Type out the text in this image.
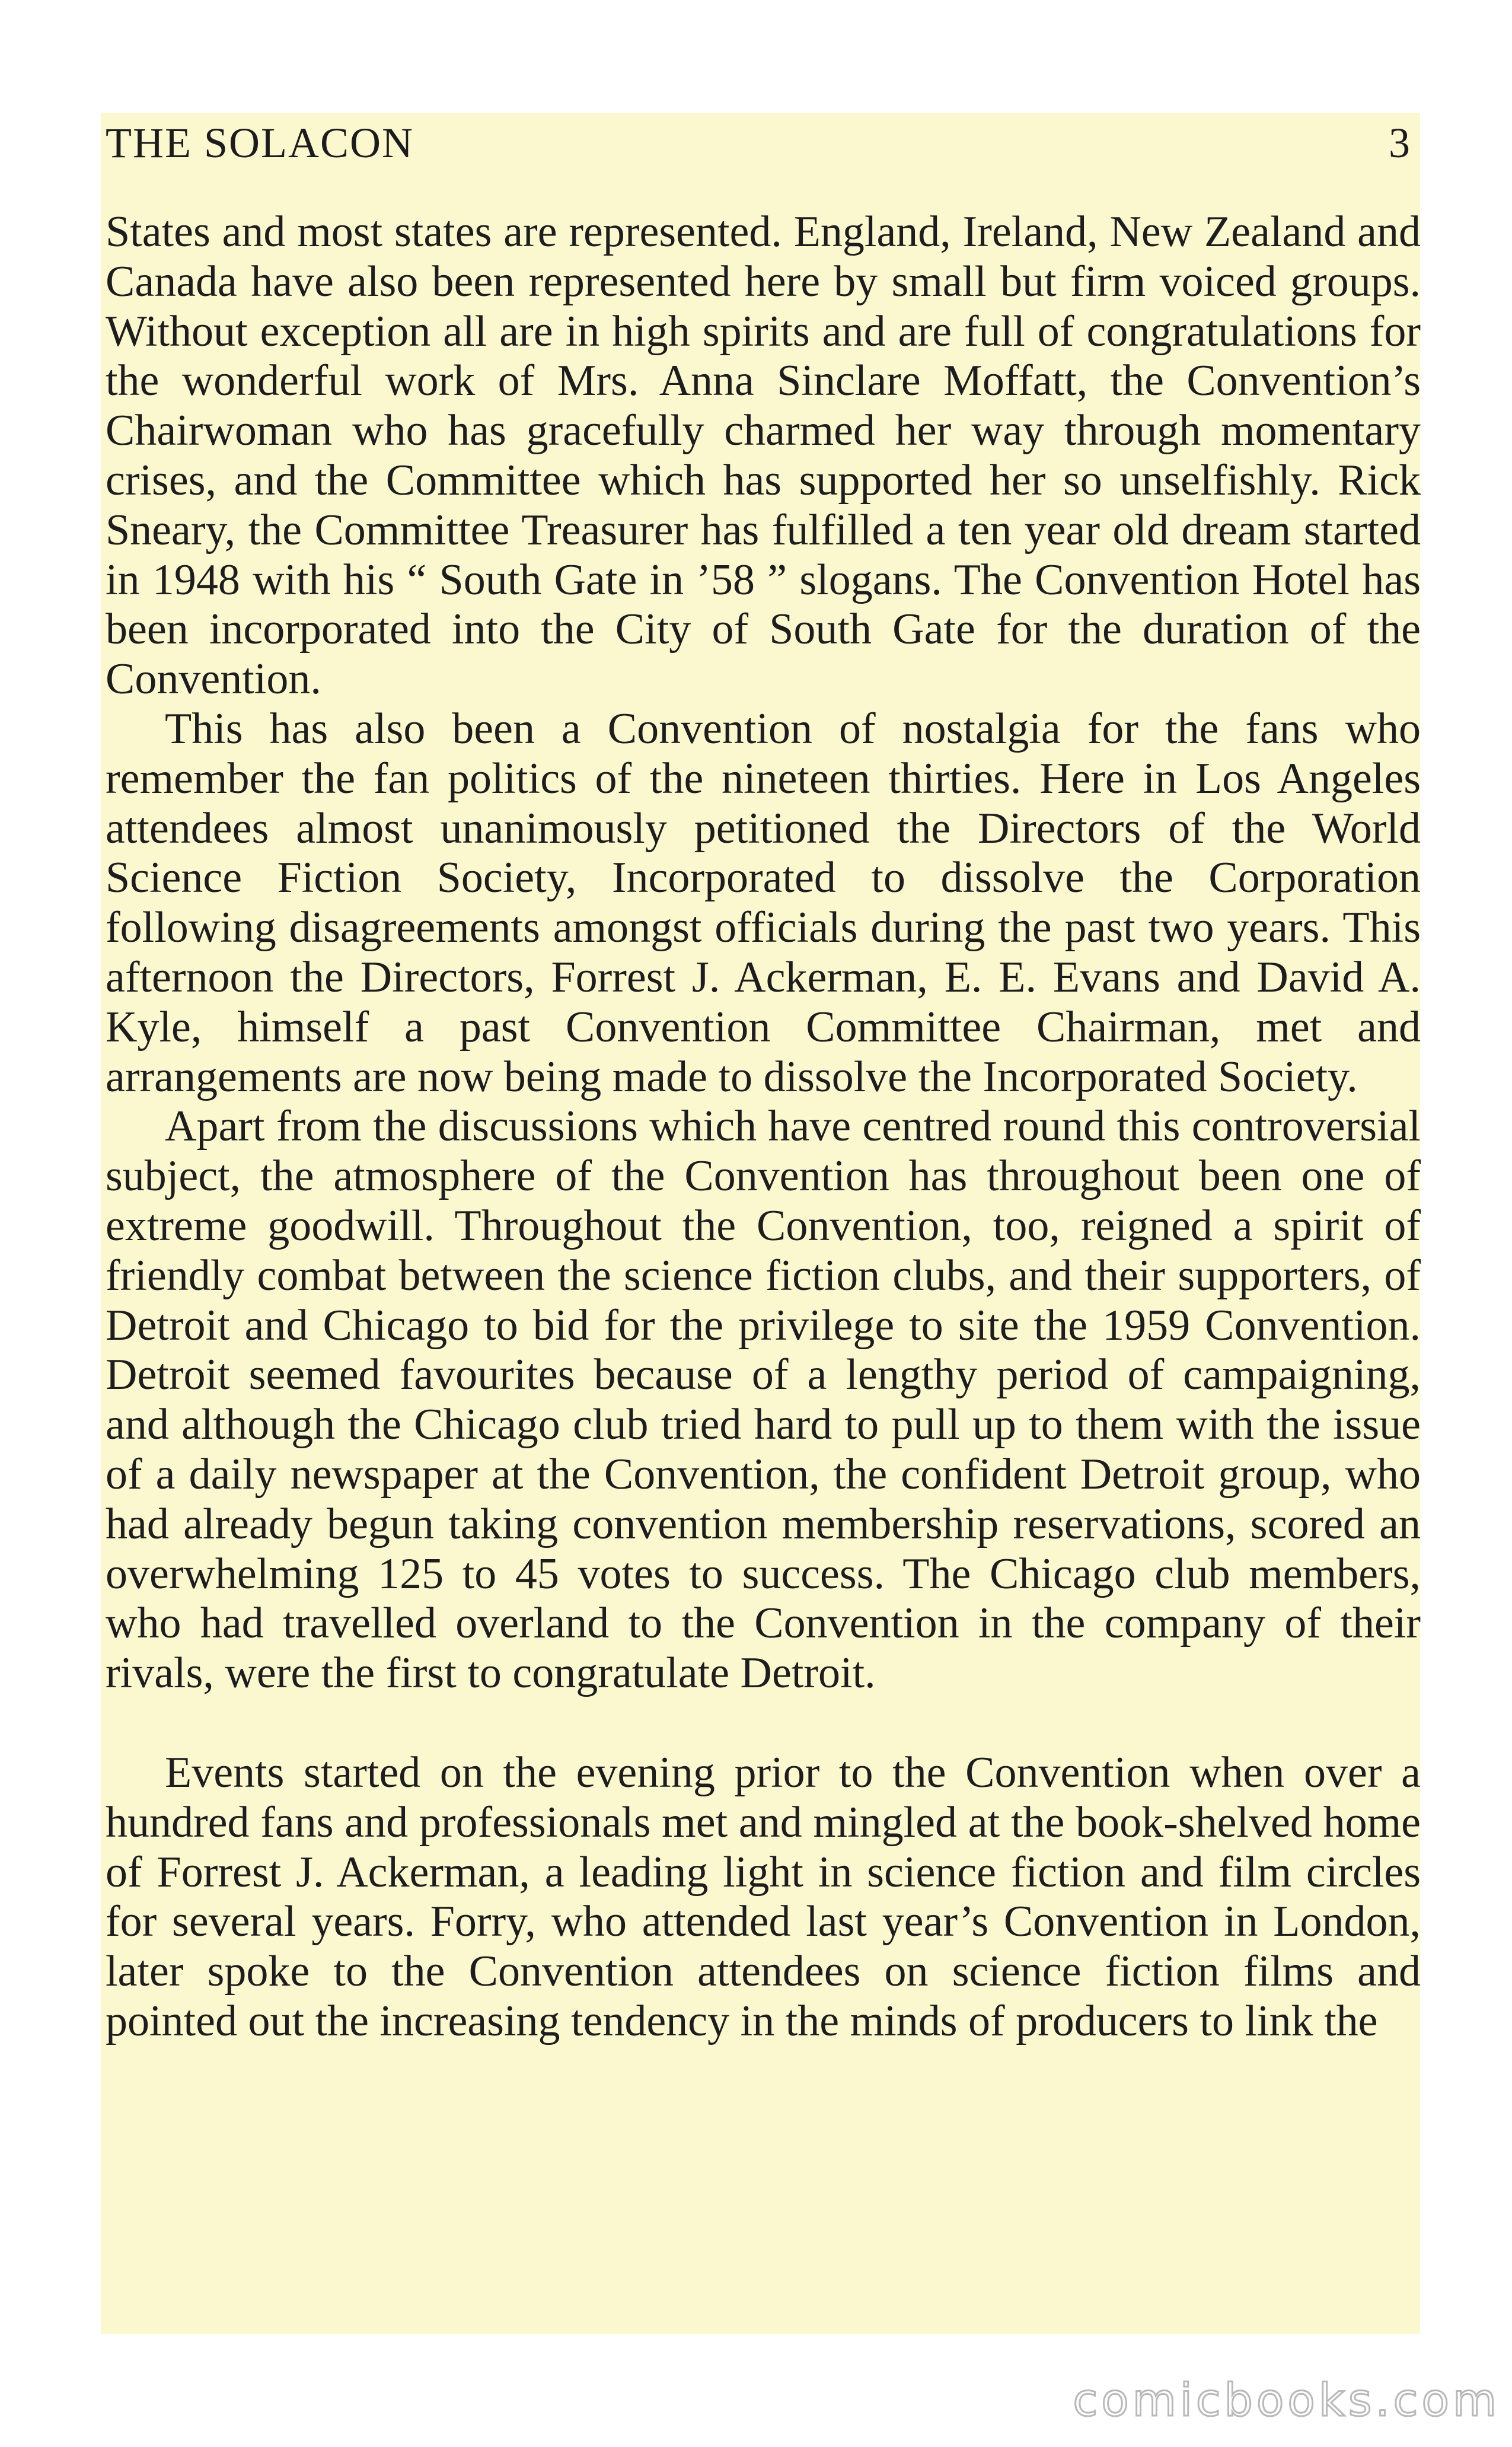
THE SOLACON	3

States and most states are represented. England, Ireland, New Zealand and Canada have also been represented here by small but firm voiced groups. Without exception all are in high spirits and are full of congratulations for the wonderful work of Mrs. Anna Sinclare Moffatt, the Convention’s Chairwoman who has gracefully charmed her way through momentary crises, and the Committee which has supported her so unselfishly. Rick Sneary, the Committee Treasurer has fulfilled a ten year old dream started in 1948 with his “ South Gate in ’58 ” slogans. The Convention Hotel has been incorporated into the City of South Gate for the duration of the Convention.

This has also been a Convention of nostalgia for the fans who remember the fan politics of the nineteen thirties. Here in Los Angeles attendees almost unanimously petitioned the Directors of the World Science Fiction Society, Incorporated to dissolve the Corporation following disagreements amongst officials during the past two years. This afternoon the Directors, Forrest J. Ackerman, E. E. Evans and David A. Kyle, himself a past Convention Committee Chairman, met and arrangements are now being made to dissolve the Incorporated Society.

Apart from the discussions which have centred round this controversial subject, the atmosphere of the Convention has throughout been one of extreme goodwill. Throughout the Convention, too, reigned a spirit of friendly combat between the science fiction clubs, and their supporters, of Detroit and Chicago to bid for the privilege to site the 1959 Convention. Detroit seemed favourites because of a lengthy period of campaigning, and although the Chicago club tried hard to pull up to them with the issue of a daily newspaper at the Convention, the confident Detroit group, who had already begun taking convention membership reservations, scored an overwhelming 125 to 45 votes to success. The Chicago club members, who had travelled overland to the Convention in the company of their rivals, were the first to congratulate Detroit.

Events started on the evening prior to the Convention when over a hundred fans and professionals met and mingled at the book-shelved home of Forrest J. Ackerman, a leading light in science fiction and film circles for several years. Forry, who attended last year’s Convention in London, later spoke to the Convention attendees on science fiction films and pointed out the increasing tendency in the minds of producers to link the

comicbooks.com
